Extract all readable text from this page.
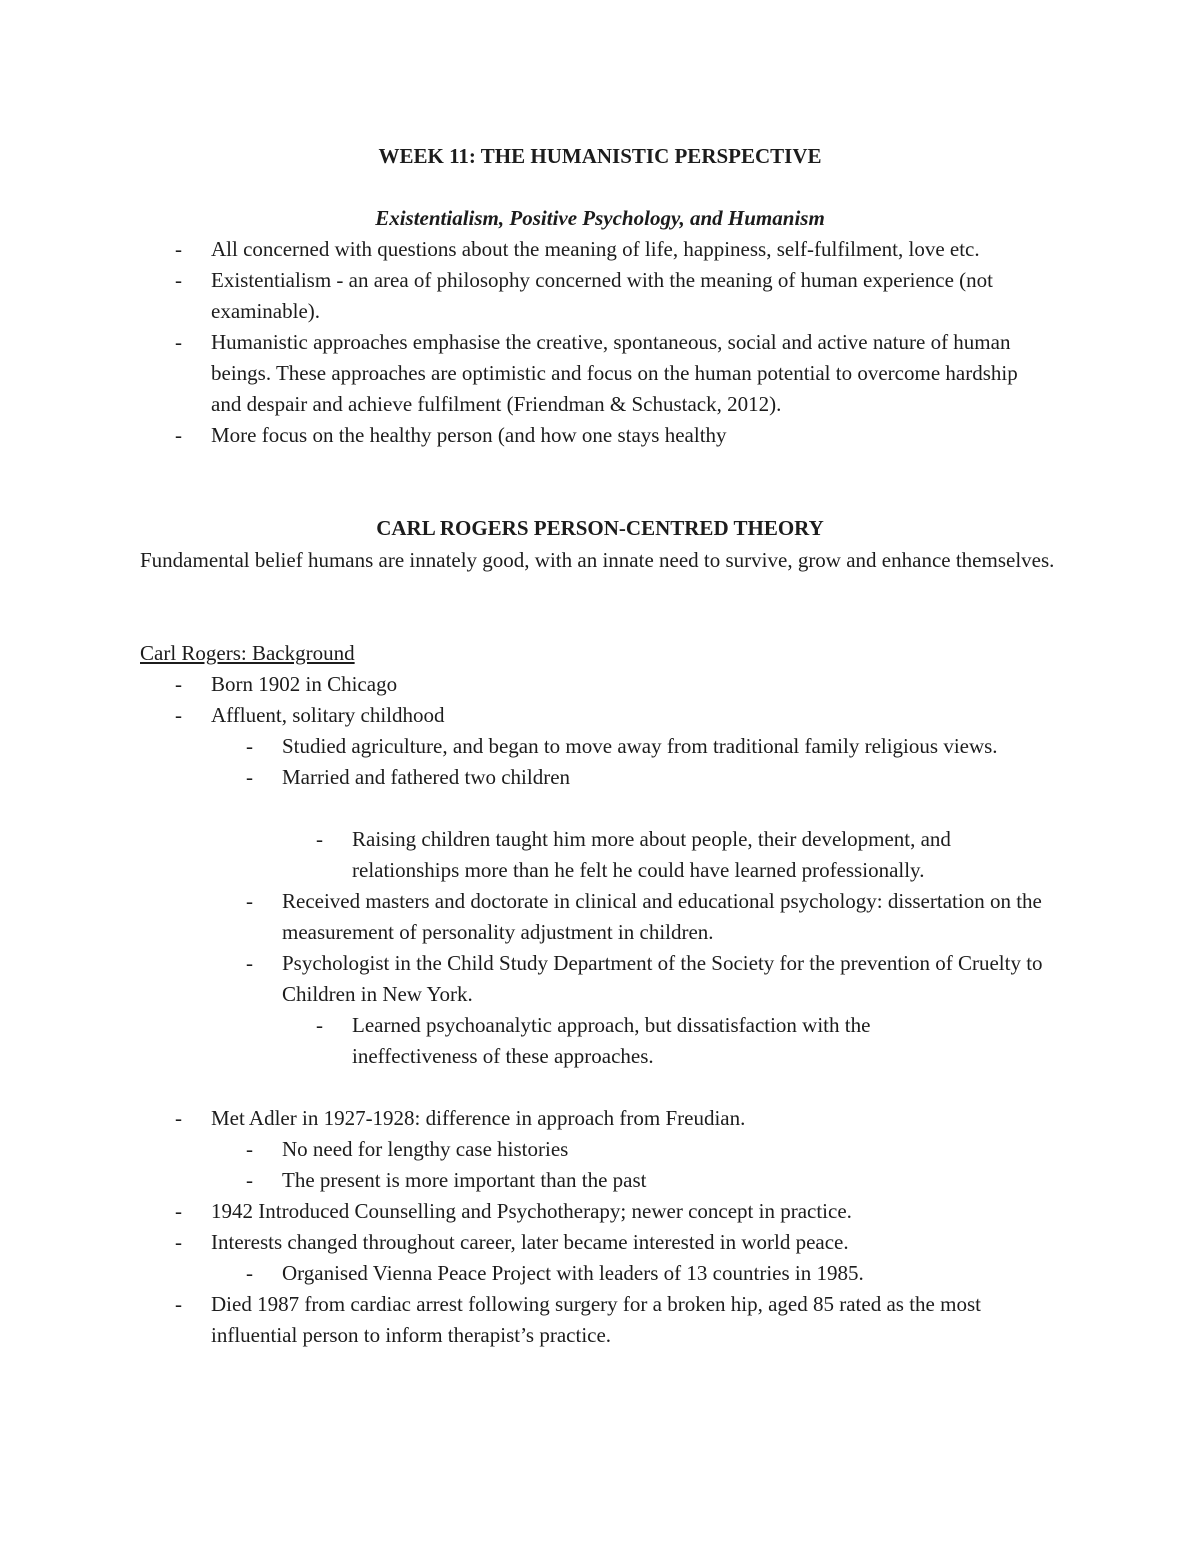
WEEK 11: THE HUMANISTIC PERSPECTIVE
Existentialism, Positive Psychology, and Humanism
- All concerned with questions about the meaning of life, happiness, self-fulfilment, love etc.
- Existentialism - an area of philosophy concerned with the meaning of human experience (not examinable).
- Humanistic approaches emphasise the creative, spontaneous, social and active nature of human beings. These approaches are optimistic and focus on the human potential to overcome hardship and despair and achieve fulfilment (Friendman & Schustack, 2012).
- More focus on the healthy person (and how one stays healthy
CARL ROGERS PERSON-CENTRED THEORY
Fundamental belief humans are innately good, with an innate need to survive, grow and enhance themselves.
Carl Rogers: Background
- Born 1902 in Chicago
- Affluent, solitary childhood
- Studied agriculture, and began to move away from traditional family religious views.
- Married and fathered two children
- Raising children taught him more about people, their development, and relationships more than he felt he could have learned professionally.
- Received masters and doctorate in clinical and educational psychology: dissertation on the measurement of personality adjustment in children.
- Psychologist in the Child Study Department of the Society for the prevention of Cruelty to Children in New York.
- Learned psychoanalytic approach, but dissatisfaction with the ineffectiveness of these approaches.
- Met Adler in 1927-1928: difference in approach from Freudian.
- No need for lengthy case histories
- The present is more important than the past
- 1942 Introduced Counselling and Psychotherapy; newer concept in practice.
- Interests changed throughout career, later became interested in world peace.
- Organised Vienna Peace Project with leaders of 13 countries in 1985.
- Died 1987 from cardiac arrest following surgery for a broken hip, aged 85 rated as the most influential person to inform therapist’s practice.
